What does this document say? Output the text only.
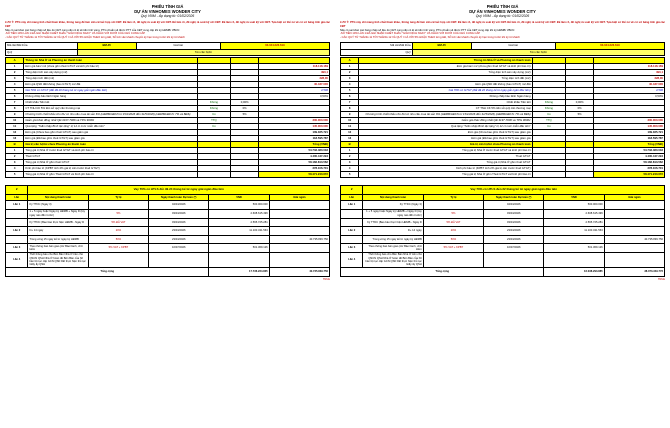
PHIẾU TÍNH GIÁ
DỰ ÁN VINHOMES WONDER CITY
Quý VIIIM - Áp dụng từ: 01/02/2026
LƯU Ý: PTG này chỉ mang tính chất tham khảo, thông tung để làm căn cứ kết hợp với CĐT. Để làm rõ, đề nghị rà soát kỹ với CĐT. Để làm rõ, đề nghị rà soát kỹ với CĐT. Để làm rõ, đề nghị rà soát kỹ với CĐT. Tựa biệt có thể nó về cơ sở bảng tính giá các CĐT
Nếu có sai khác các hàng nhập số liệu do CĐT cung cấp có lệ sẽ tiến tính vùng, PTG chuẩn sẽ được PTT của CĐT cung cấp khi ký HĐMB/ VBCN
-SỐ TIỀN 10% LẦN 1 ĐÃ GHI NHẬN CHIẾT KHẤU "GIAO DỊCH NGAY" VÀ KHÁC VỚI DƯỚI CỦA CHỦ CUNG CẤP
- CÁC QUÝ TỪ THÁNG 11 TỚI THÁNG 12 VÀ QUÝ I CÁ VỚI 5% HOẶC THEO từng HĐ, SỐ AC văn khách chuyển kỳ hạn trong trước khi ký từ khách
Mã căn/Mã thửa	BM-45	Giá bán	63.044.223.619
Quỹ	Tên căn hộ/lô		
A	Thông tin Nhà Ở và Phương án thanh toán			
1	Đơn giá bán/ m2 (chưa gồm thuế GTGT và kinh phí bảo trì)			118.118.169
2	Tổng diện tích sàn xây dựng (m2)			490,1
3	Tổng diện tích đất (m2)			228,00
4	Đơn giá QSD đất không (bao GTGT) m2 đất			40.437.000
5	Giá 70% có GTGT (đất đã 20 tháng kể từ ngày giải ngân đầu tiên)			4.500
6	Không chấp bảo lãnh Ngân hàng			0,50%
7	Chiết khấu Tiến kết	Không	0,00%	
8	CT TNH CK 5% tiền sở quỹ căn thương mại	Không	0%	
9	Chương trình chiết khấu cho KH có nhu cầu mua tài sản 6% (HĐMB/HĐCN từ 15/2/2026 đến 31/5/2026) (HĐMB/HĐCN: 7% và BĐS)	Có	5%	
10	Giảm giá khác đồng nhất QĐ 3197-7006 và TPG 9000z	TTQ		300.000.000
11	Quà tặng "Tuần nhập Bình tặc tặng" trị 12 ct mức miễn đầu tiên"	Có		145.000.000
12	Đơn giá (Chưa bao gồm thuế GTGT) sau giảm giá			109.035.721
13	Đơn giá (Đã bao gồm thuế GTGT) sau giảm giá			118.595.787
B	Giá trị căn hộ/lot chưa Phương án thanh toán			Tổng (VNĐ)
1	Tổng giá trị Nhà Ở trước thuế GTGT và kinh phí bảo trì			53.732.480.018
2	Thuế GTGT			4.400.447.294
3	Tổng giá trị Nhà Ở gồm thuế GTGT			58.182.813.562
4	Kinh phí bảo trì (KPBT tính 2% giá trị căn trước thuế GTGT)			278.106.701
5	Tổng giá trị Nhà Ở gồm Thuế GTGT và Kinh phí bảo trì			58.471.240.672
2	Vay 70% có HTLS đối đã 24 tháng kể từ ngày giải ngân đầu tiên				
Lần	Nội dung thanh toán	Tỷ lệ	Ngày thanh toán Dự kiến (*)	VND	Giải ngân
Lần 1	Ký TTDC (Ngày 3)		04/04/2026	500.000.000	
	1 + 5 ngày hoặc Ngày ký HĐMB + Ngày D (tùy ngày nào đến trước)	5%	03/04/2026	2.608.615.496	
	Ký TTDC (Bao báo thực hiện HĐMB - Ngày D	5% ĐÃ VAT	03/04/2026	2.565.725.281	
Lần 2	D+ 14 ngày	20%	23/04/2026	11.100.431.563	
	Trong vòng 15 ngày kể từ ngày ký HĐMB	50%	23/04/2026		40.735.839.750
Lần 3	Theo thông báo bàn giao (trừ Bảo hành, chờ kiểm	5% VAT + KPBT	10/07/2026	501.369.126	
Lần 4	Thời thông báo cho Bên Bán Nhà Ở trên chủ QSCN QSH Nhà Ở hoàn tất Bên Bán của hồ bàn bộ tục cấp GCN QSD DĐ thực hiện thủ tục Giấy ấy QSH				
Tổng cộng				17.736.224.835	40.735.839.750
TRUE
PHIẾU TÍNH GIÁ
DỰ ÁN VINHOMES WONDER CITY
Quý VIIIM - Áp dụng từ: 01/02/2026
LƯU Ý: PTG này chỉ mang tính chất tham khảo, thông tung để làm căn cứ kết hợp với CĐT. Để làm rõ, đề nghị rà soát kỹ với CĐT. Để làm rõ, đề nghị rà soát kỹ với CĐT. Để làm rõ, đề nghị rà soát kỹ với CĐT. Tựa biệt có thể nó về cơ sở bảng tính giá các CĐT
Nếu có sai khác các hàng nhập số liệu do CĐT cung cấp có lệ sẽ tiến tính vùng, PTG chuẩn sẽ được PTT của CĐT cung cấp khi ký HĐMB/ VBCN
-SỐ TIỀN 10% LẦN 1 ĐÃ GHI NHẬN CHIẾT KHẤU "GIAO DỊCH NGAY" VÀ KHÁC VỚI DƯỚI CỦA CHỦ CUNG CẤP
- CÁC QUÝ TỪ THÁNG 11 TỚI THÁNG 12 VÀ QUÝ I CÁ VỚI 5% HOẶC THEO từng HĐ, SỐ AC văn khách chuyển kỳ hạn trong trước khi ký từ khách
Mã căn/Mã thửa	BM-45	Giá bán	63.044.223.619
Quỹ	Tên căn hộ/lô		
A	Thông tin Nhà Ở và Phương án thanh toán			
1	Đơn giá bán/ m2 (chưa gồm thuế GTGT và kinh phí bảo trì)			118.118.169
2	Tổng diện tích sàn xây dựng (m2)			490,1
3	Tổng diện tích đất (m2)			228,00
4	Đơn giá QSD đất không (bao GTGT) m2 đất			40.437.000
5	Giá 70% có GTGT (đất đã 20 tháng kể từ ngày giải ngân đầu tiên)			4.500
6	Không chấp bảo lãnh Ngân hàng			0,50%
7	Chiết khấu Tiến kết	Không	0,00%	
8	CT TNH CK 5% tiền sở quỹ căn thương mại	Không	0%	
9	Chương trình chiết khấu cho KH có nhu cầu mua tài sản 6% (HĐMB/HĐCN từ 15/2/2026 đến 31/5/2026) (HĐMB/HĐCN: 7% và BĐS)	Có	5%	
10	Giảm giá khác đồng nhất QĐ 3197-7006 và TPG 9000z	TTQ		300.000.000
11	Quà tặng "Tuần nhập Bình tặc tặng" trị 12 ct mức miễn đầu tiên"	Có		145.000.000
12	Đơn giá (Chưa bao gồm thuế GTGT) sau giảm giá			109.035.721
13	Đơn giá (Đã bao gồm thuế GTGT) sau giảm giá			118.595.787
B	Giá trị căn hộ/lot chưa Phương án thanh toán			Tổng (VNĐ)
1	Tổng giá trị Nhà Ở trước thuế GTGT và kinh phí bảo trì			53.732.480.018
2	Thuế GTGT			4.400.447.294
3	Tổng giá trị Nhà Ở gồm thuế GTGT			58.182.813.562
4	Kinh phí bảo trì (KPBT tính 2% giá trị căn trước thuế GTGT)			278.106.701
5	Tổng giá trị Nhà Ở gồm Thuế GTGT và Kinh phí bảo trì			58.471.240.672
2	Vay 70% có HTLS đến 22 tháng kể từ ngày giải ngân đầu tiên				
Lần	Nội dung thanh toán	Tỷ lệ	Ngày thanh toán Dự kiến (*)	VND	Giải ngân
Lần 1	Ký TTDC (Ngày 3)		04/04/2026	500.000.000	
	1 + 5 ngày hoặc Ngày ký HĐMB + Ngày D (tùy ngày nào đến trước)	5%	03/04/2026	2.608.615.496	
	Ký TTDC (Bao báo thực hiện HĐMB - Ngày D	5% ĐÃ VAT	03/04/2026	2.565.725.281	
Lần 2	D+ 14 ngày	20%	23/04/2026	11.100.431.563	
	Trong vòng 15 ngày kể từ ngày ký HĐMB	50%	23/04/2026		40.735.839.750
Lần 3	Theo thông báo bàn giao (trừ Bảo hành, chờ kiểm	5% VAT + KPBT	10/07/2026	501.369.126	
Lần 4	Thời thông báo cho Bên Bán Nhà Ở trên chủ QSCN QSH Nhà Ở hoàn tất Bên Bán của hồ bàn bộ tục cấp GCN QSD DĐ thực hiện thủ tục Giấy ấy QSH				
Tổng cộng				16.038.293.885	38.073.349.776
TRUE
